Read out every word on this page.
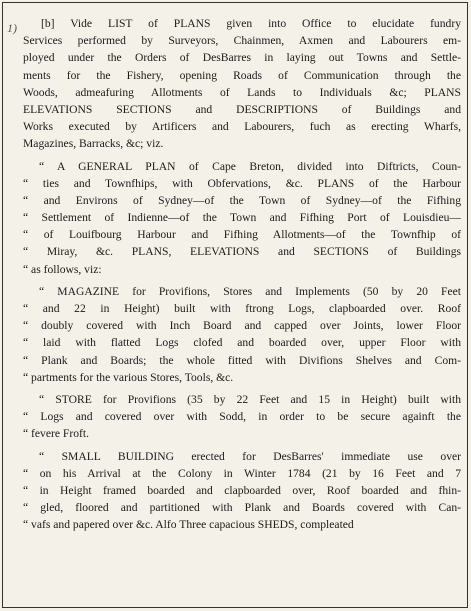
1)	[b] Vide LIST of PLANS given into Office to elucidate fundry
Services performed by Surveyors, Chainmen, Axmen and Labourers em-
ployed under the Orders of DesBarres in laying out Towns and Settle-
ments for the Fishery, opening Roads of Communication through the
Woods, admeafuring Allotments of Lands to Individuals &c; PLANS
ELEVATIONS SECTIONS and DESCRIPTIONS of Buildings and
Works executed by Artificers and Labourers, fuch as erecting Wharfs,
Magazines, Barracks, &c; viz.
“ A GENERAL PLAN of Cape Breton, divided into Diftricts, Coun-
“ ties and Townfhips, with Obfervations, &c. PLANS of the Harbour
“ and Environs of Sydney—of the Town of Sydney—of the Fifhing
“ Settlement of Indienne—of the Town and Fifhing Port of Louisdieu—
“ of Louifbourg Harbour and Fifhing Allotments—of the Townfhip of
“ Miray, &c. PLANS, ELEVATIONS and SECTIONS of Buildings
“ as follows, viz:
“ MAGAZINE for Provifions, Stores and Implements (50 by 20 Feet
“ and 22 in Height) built with ftrong Logs, clapboarded over. Roof
“ doubly covered with Inch Board and capped over Joints, lower Floor
“ laid with flatted Logs clofed and boarded over, upper Floor with
“ Plank and Boards; the whole fitted with Divifions Shelves and Com-
“ partments for the various Stores, Tools, &c.
“ STORE for Provifions (35 by 22 Feet and 15 in Height) built with
“ Logs and covered over with Sodd, in order to be secure againft the
“ fevere Froft.
“ SMALL BUILDING erected for DesBarres' immediate use over
“ on his Arrival at the Colony in Winter 1784 (21 by 16 Feet and 7
“ in Height framed boarded and clapboarded over, Roof boarded and fhin-
“ gled, floored and partitioned with Plank and Boards covered with Can-
“ vafs and papered over &c. Alfo Three capacious SHEDS, compleated
